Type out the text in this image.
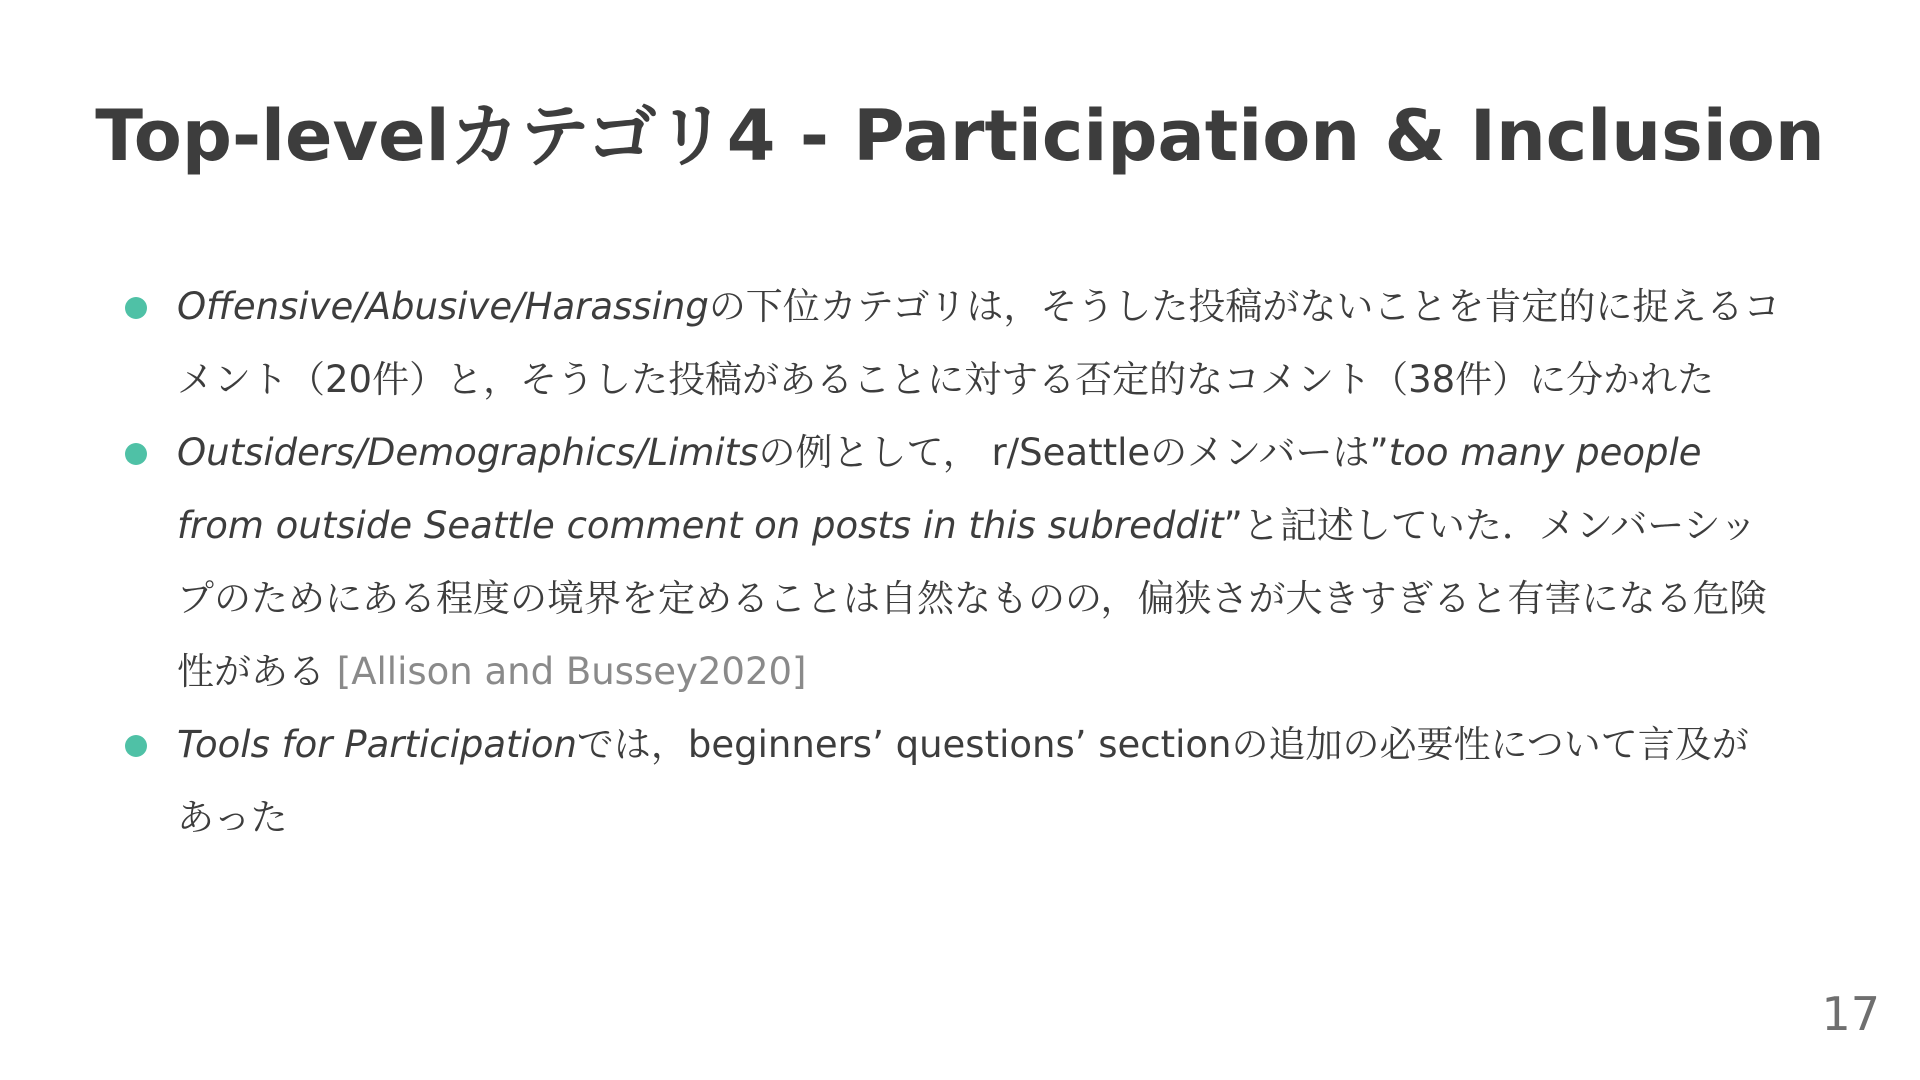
Top-levelカテゴリ4 - Participation & Inclusion
Offensive/Abusive/Harassingの下位カテゴリは，そうした投稿がないことを肯定的に捉えるコメント（20件）と，そうした投稿があることに対する否定的なコメント（38件）に分かれた
Outsiders/Demographics/Limitsの例として， r/Seattleのメンバーは”too many people from outside Seattle comment on posts in this subreddit”と記述していた．メンバーシップのためにある程度の境界を定めることは自然なものの，偏狭さが大きすぎると有害になる危険性がある [Allison and Bussey2020]
Tools for Participationでは，beginners’ questions’ sectionの追加の必要性について言及があった
17
